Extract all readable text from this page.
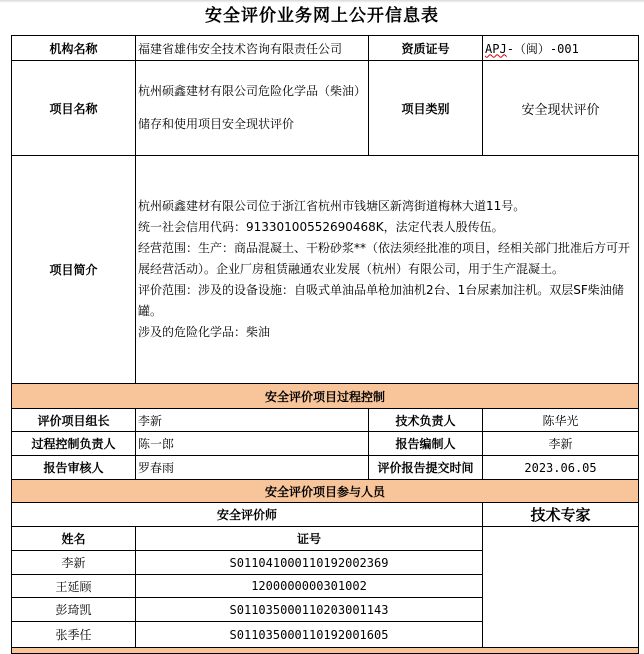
安全评价业务网上公开信息表
机构名称	福建省雄伟安全技术咨询有限责任公司	资质证号	APJ-（闽）-001
项目名称	杭州硕鑫建材有限公司危险化学品（柴油）储存和使用项目安全现状评价	项目类别	安全现状评价
项目简介	杭州硕鑫建材有限公司位于浙江省杭州市钱塘区新湾街道梅林大道11号。

统一社会信用代码：91330100552690468K，法定代表人殷传伍。

经营范围：生产：商品混凝土、干粉砂浆**（依法须经批准的项目，经相关部门批准后方可开展经营活动）。企业厂房租赁融通农业发展（杭州）有限公司，用于生产混凝土。

评价范围：涉及的设备设施：自吸式单油品单枪加油机2台、1台尿素加注机。双层SF柴油储罐。

涉及的危险化学品：柴油		

安全评价项目过程控制			
评价项目组长	李新	技术负责人	陈华光
过程控制负责人	陈一郎	报告编制人	李新
报告审核人	罗春雨	评价报告提交时间	2023.06.05
安全评价项目参与人员			
安全评价师			技术专家
姓名	证号		
李新	S011041000110192002369		
王延顾	1200000000301002		
彭琦凯	S011035000110203001143		
张季任	S011035000110192001605		
